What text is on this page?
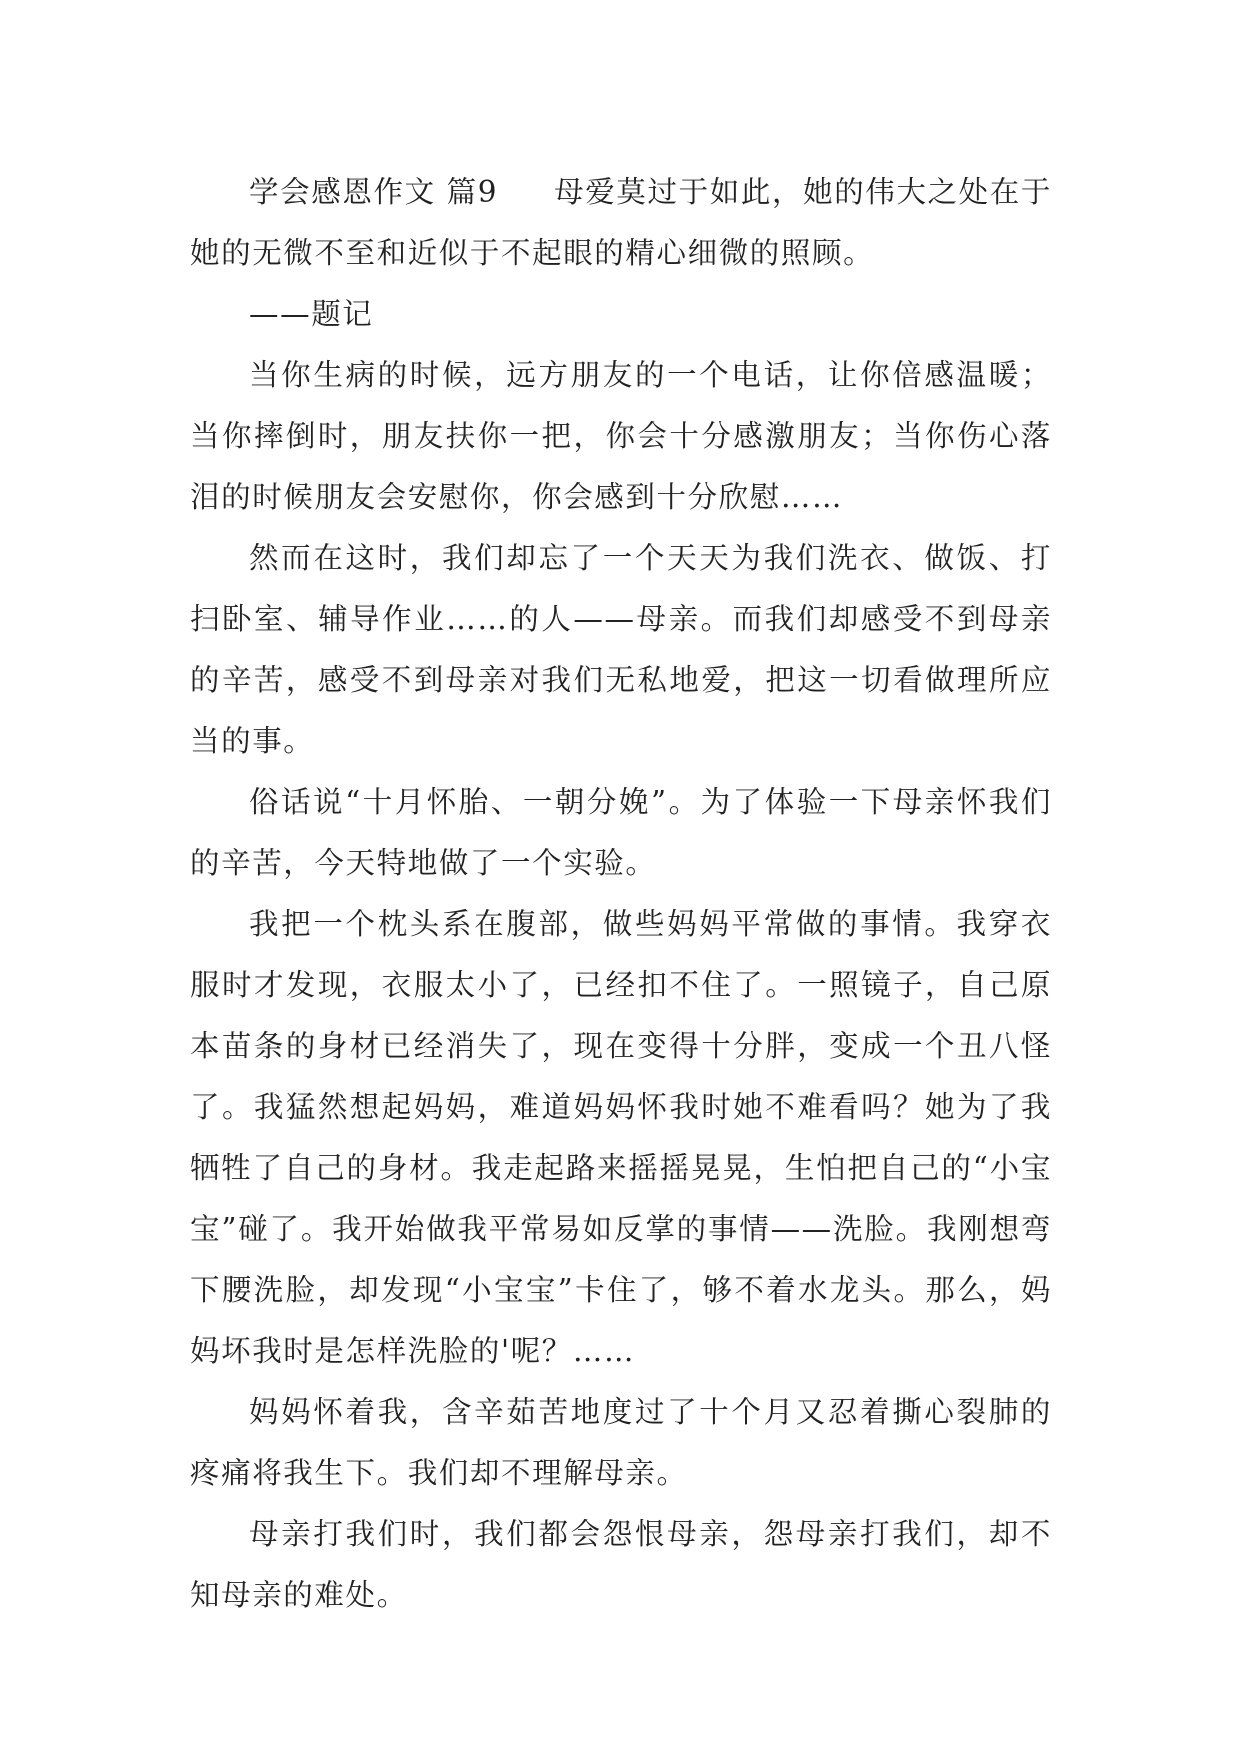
学会感恩作文 篇9 母爱莫过于如此，她的伟大之处在于她的无微不至和近似于不起眼的精心细微的照顾。

——题记

当你生病的时候，远方朋友的一个电话，让你倍感温暖；当你摔倒时，朋友扶你一把，你会十分感激朋友；当你伤心落泪的时候朋友会安慰你，你会感到十分欣慰……

然而在这时，我们却忘了一个天天为我们洗衣、做饭、打扫卧室、辅导作业……的人——母亲。而我们却感受不到母亲的辛苦，感受不到母亲对我们无私地爱，把这一切看做理所应当的事。

俗话说“十月怀胎、一朝分娩”。为了体验一下母亲怀我们的辛苦，今天特地做了一个实验。

我把一个枕头系在腹部，做些妈妈平常做的事情。我穿衣服时才发现，衣服太小了，已经扣不住了。一照镜子，自己原本苗条的身材已经消失了，现在变得十分胖，变成一个丑八怪了。我猛然想起妈妈，难道妈妈怀我时她不难看吗？她为了我牺牲了自己的身材。我走起路来摇摇晃晃，生怕把自己的“小宝宝”碰了。我开始做我平常易如反掌的事情——洗脸。我刚想弯下腰洗脸，却发现“小宝宝”卡住了，够不着水龙头。那么，妈妈坏我时是怎样洗脸的'呢？……

妈妈怀着我，含辛茹苦地度过了十个月又忍着撕心裂肺的疼痛将我生下。我们却不理解母亲。

母亲打我们时，我们都会怨恨母亲，怨母亲打我们，却不知母亲的难处。
